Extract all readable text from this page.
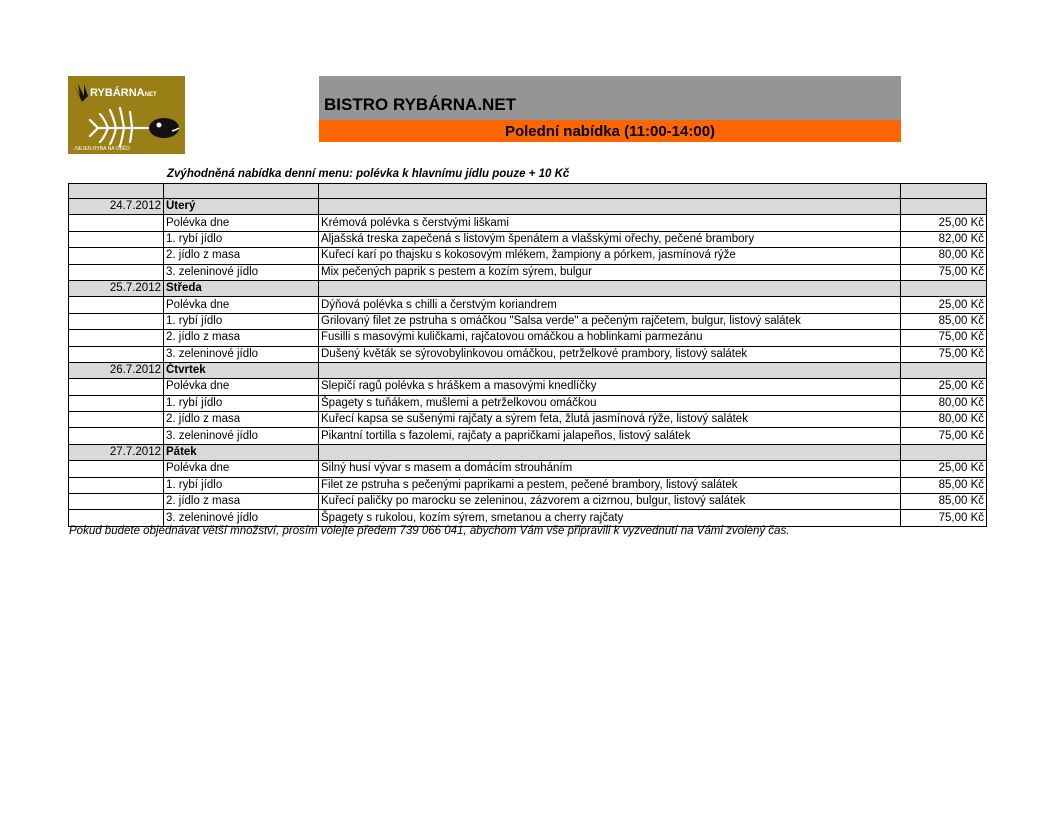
RYBÁRNA
.NET
...NEJEN RYBA NA OBĚD
BISTRO RYBÁRNA.NET
Polední nabídka (11:00-14:00)
Zvýhodněná nabídka denní menu: polévka k hlavnímu jídlu pouze + 10 Kč

24.7.2012	Úterý		
	Polévka dne	Krémová polévka s čerstvými liškami	25,00 Kč
	1. rybí jídlo	Aljašská treska zapečená s listovým špenátem a vlašskými ořechy, pečené brambory	82,00 Kč
	2. jídlo z masa	Kuřecí karí po thajsku s kokosovým mlékem, žampiony a pórkem, jasmínová rýže	80,00 Kč
	3. zeleninové jídlo	Mix pečených paprik s pestem a kozím sýrem, bulgur	75,00 Kč
25.7.2012	Středa		
	Polévka dne	Dýňová polévka s chilli a čerstvým koriandrem	25,00 Kč
	1. rybí jídlo	Grilovaný filet ze pstruha s omáčkou "Salsa verde" a pečeným rajčetem, bulgur, listový salátek	85,00 Kč
	2. jídlo z masa	Fusilli s masovými kuličkami, rajčatovou omáčkou a hoblinkami parmezánu	75,00 Kč
	3. zeleninové jídlo	Dušený květák se sýrovobylinkovou omáčkou, petrželkové prambory, listový salátek	75,00 Kč
26.7.2012	Čtvrtek		
	Polévka dne	Slepičí ragů polévka s hráškem a masovými knedlíčky	25,00 Kč
	1. rybí jídlo	Špagety s tuňákem, mušlemi a petrželkovou omáčkou	80,00 Kč
	2. jídlo z masa	Kuřecí kapsa se sušenými rajčaty a sýrem feta, žlutá jasmínová rýže, listový salátek	80,00 Kč
	3. zeleninové jídlo	Pikantní tortilla s fazolemi, rajčaty a papričkami jalapeños, listový salátek	75,00 Kč
27.7.2012	Pátek		
	Polévka dne	Silný husí vývar s masem a domácím strouháním	25,00 Kč
	1. rybí jídlo	Filet ze pstruha s pečenými paprikami a pestem, pečené brambory, listový salátek	85,00 Kč
	2. jídlo z masa	Kuřecí paličky po marocku se zeleninou, zázvorem a cizrnou, bulgur, listový salátek	85,00 Kč
	3. zeleninové jídlo	Špagety s rukolou, kozím sýrem, smetanou a cherry rajčaty	75,00 Kč
Pokud budete objednávat větší množství, prosím volejte předem 739 066 041, abychom Vám vše připravili k vyzvednutí na Vámi zvolený čas.
